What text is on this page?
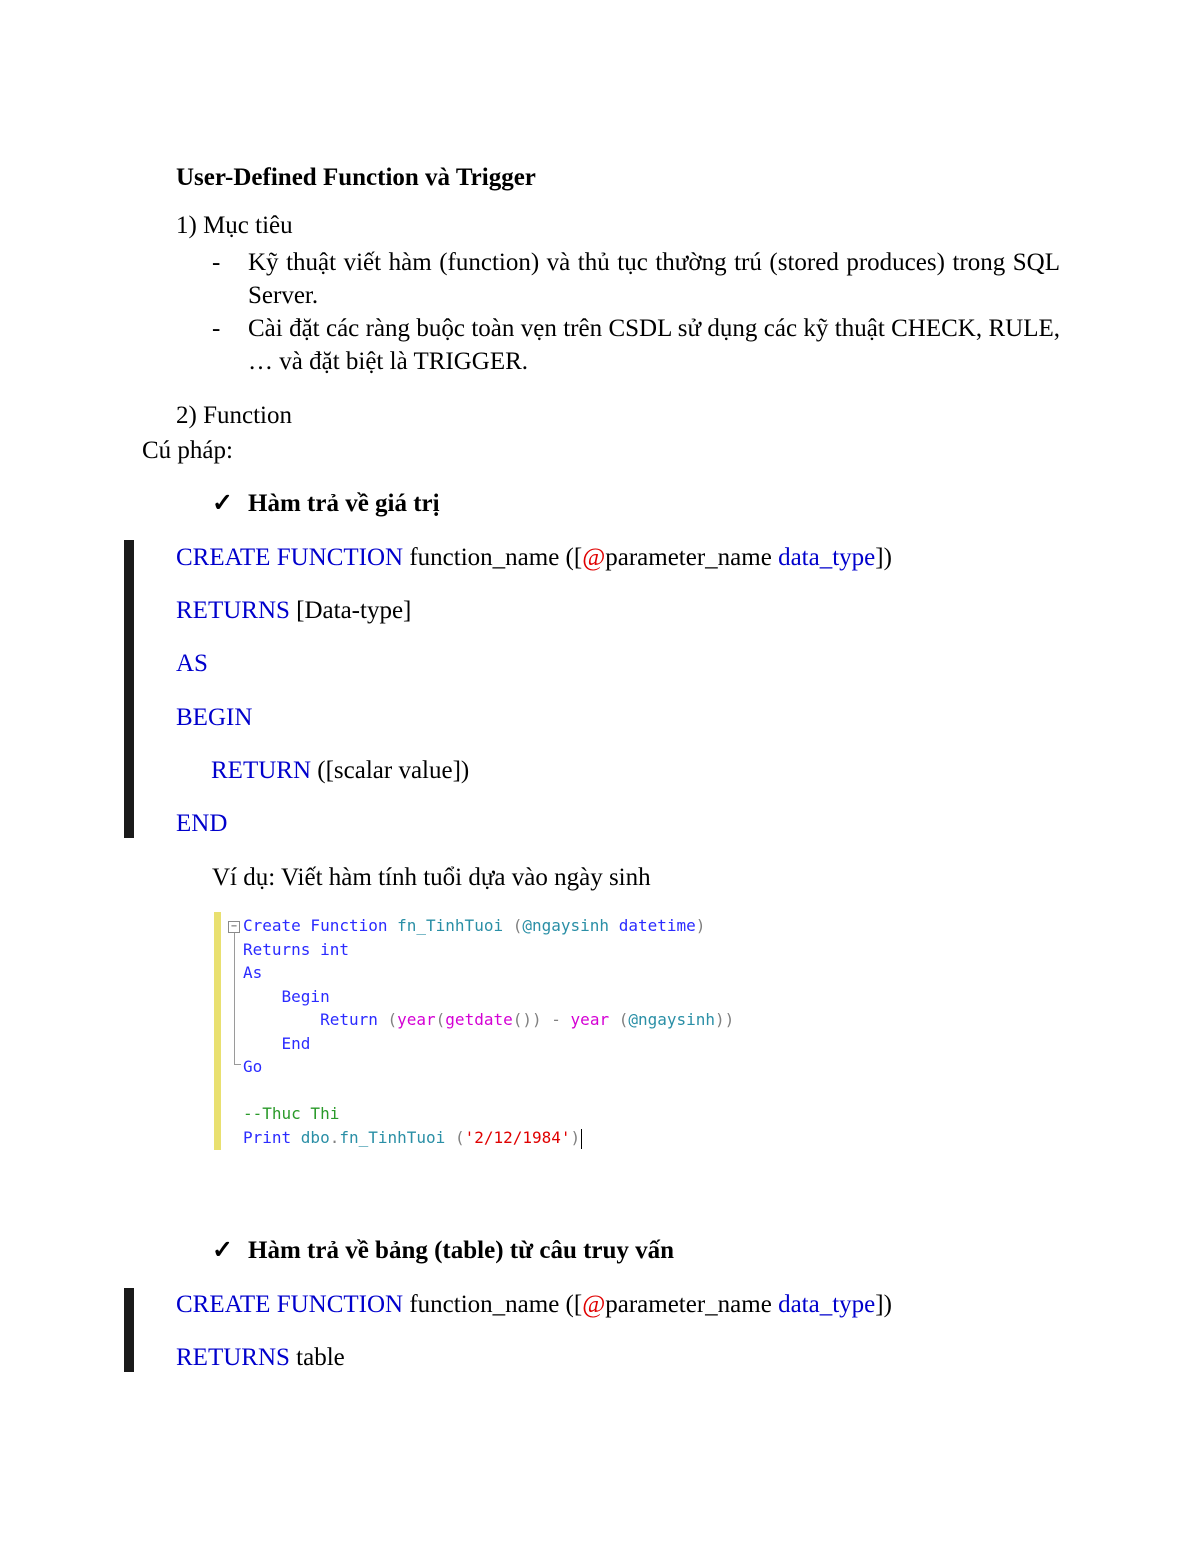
User-Defined Function và Trigger
1) Mục tiêu
- Kỹ thuật viết hàm (function) và thủ tục thường trú (stored produces) trong SQL Server.
- Cài đặt các ràng buộc toàn vẹn trên CSDL sử dụng các kỹ thuật CHECK, RULE, … và đặt biệt là TRIGGER.
2) Function
Cú pháp:
✓ Hàm trả về giá trị
CREATE FUNCTION function_name ([@parameter_name data_type])
RETURNS [Data-type]
AS
BEGIN
RETURN ([scalar value])
END
Ví dụ: Viết hàm tính tuổi dựa vào ngày sinh
− Create Function fn_TinhTuoi (@ngaysinh datetime)
Returns int
As
Begin
Return (year(getdate()) - year (@ngaysinh))
End
Go
--Thuc Thi
Print dbo.fn_TinhTuoi ('2/12/1984')
✓ Hàm trả về bảng (table) từ câu truy vấn
CREATE FUNCTION function_name ([@parameter_name data_type])
RETURNS table
